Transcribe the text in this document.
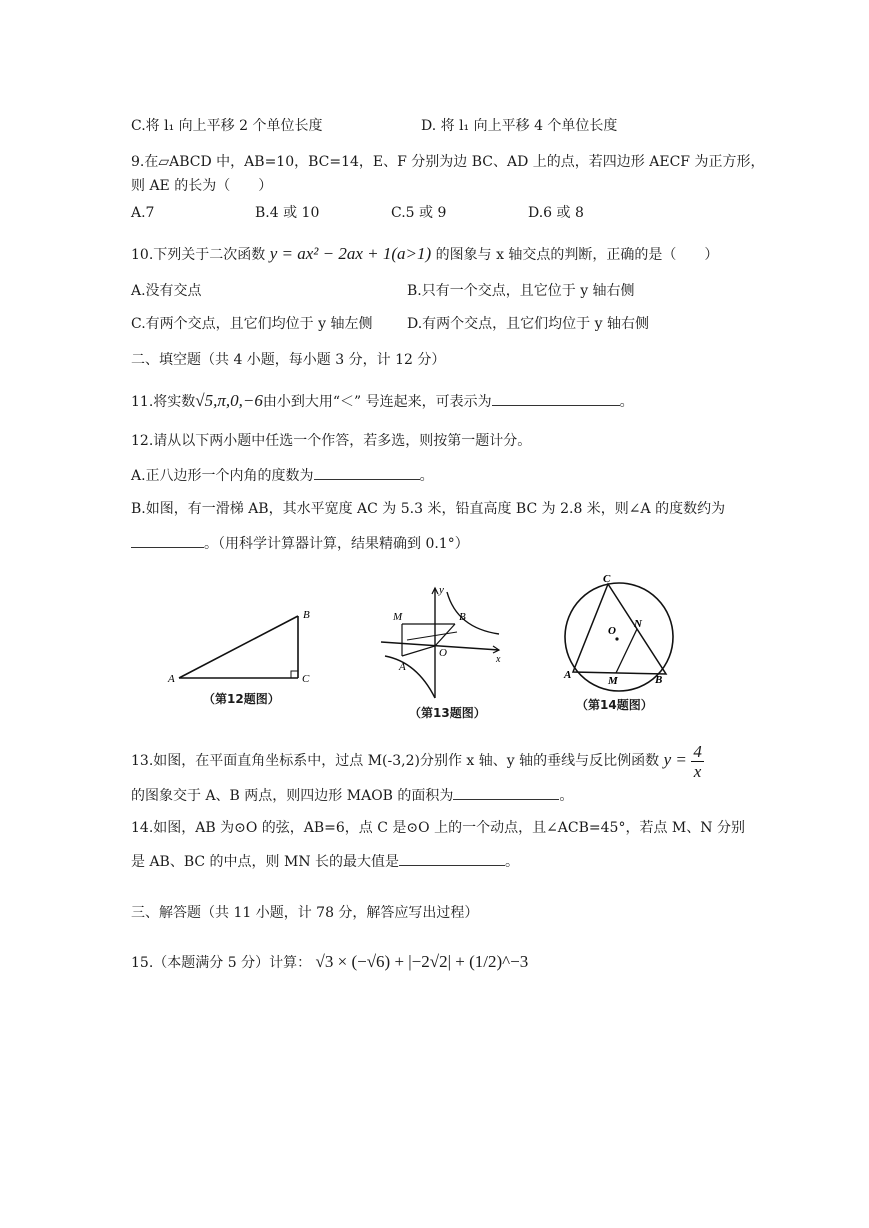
C.将 l₁ 向上平移 2 个单位长度	D. 将 l₁ 向上平移 4 个单位长度
9.在▱ABCD 中，AB=10，BC=14，E、F 分别为边 BC、AD 上的点，若四边形 AECF 为正方形，
则 AE 的长为（　　）
A.7	B.4 或 10	C.5 或 9	D.6 或 8
10.下列关于二次函数 y = ax² − 2ax + 1(a>1) 的图象与 x 轴交点的判断，正确的是（　　）
A.没有交点	B.只有一个交点，且它位于 y 轴右侧
C.有两个交点，且它们均位于 y 轴左侧 D.有两个交点，且它们均位于 y 轴右侧
二、填空题（共 4 小题，每小题 3 分，计 12 分）
11.将实数√5,π,0,−6由小到大用“＜” 号连起来，可表示为	。
12.请从以下两小题中任选一个作答，若多选，则按第一题计分。
A.正八边形一个内角的度数为	。
B.如图，有一滑梯 AB，其水平宽度 AC 为 5.3 米，铅直高度 BC 为 2.8 米，则∠A 的度数约为
。（用科学计算器计算，结果精确到 0.1°）
A
B
C
（第12题图）
y
M	B
O
A
x
（第13题图）
C
O
N
A	M	B
（第14题图）
13.如图，在平面直角坐标系中，过点 M(-3,2)分别作 x 轴、y 轴的垂线与反比例函数 $y = \frac{4}{x}$
的图象交于 A、B 两点，则四边形 MAOB 的面积为	。
14.如图，AB 为⊙O 的弦，AB=6，点 C 是⊙O 上的一个动点，且∠ACB=45°，若点 M、N 分别
是 AB、BC 的中点，则 MN 长的最大值是	。
三、解答题（共 11 小题，计 78 分，解答应写出过程）
15.（本题满分 5 分）计算： √3 × (−√6) + |−2√2| + (1/2)^−3
